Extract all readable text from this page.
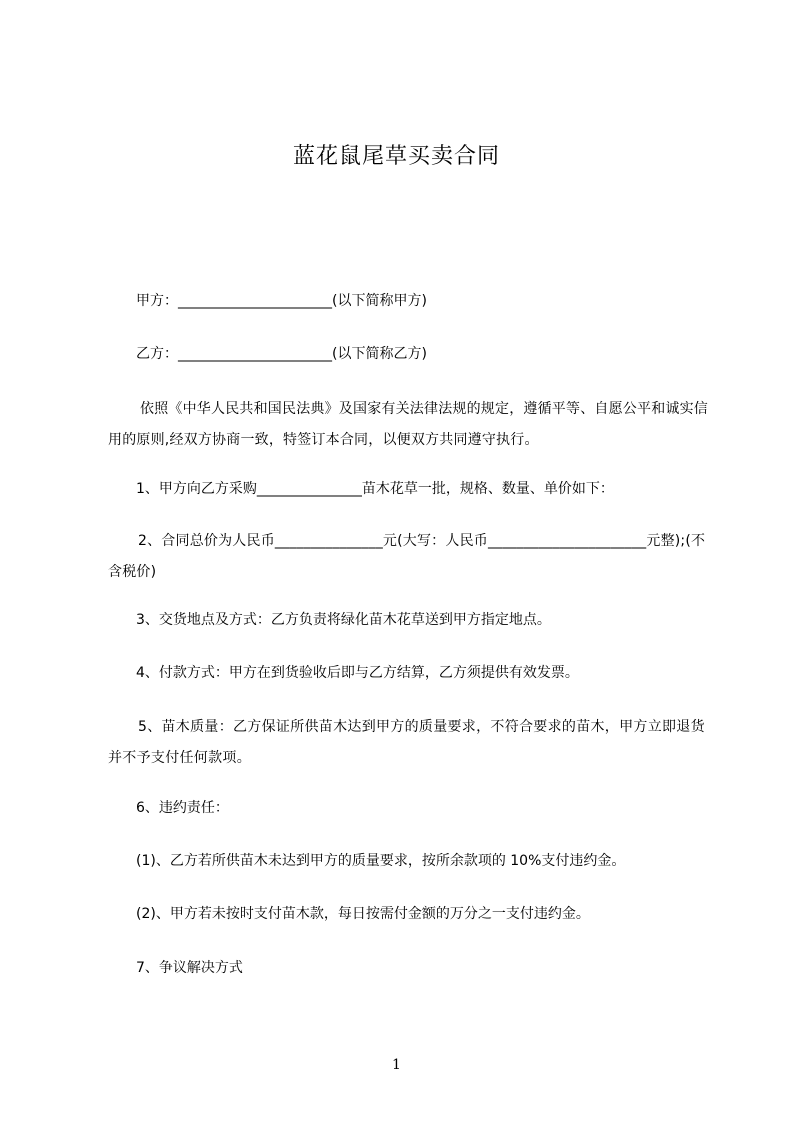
蓝花鼠尾草买卖合同
甲方：______________________(以下简称甲方)
乙方：______________________(以下简称乙方)
依照《中华人民共和国民法典》及国家有关法律法规的规定，遵循平等、自愿公平和诚实信用的原则,经双方协商一致，特签订本合同，以便双方共同遵守执行。
1、甲方向乙方采购_______________苗木花草一批，规格、数量、单价如下：
2、合同总价为人民币_______________元(大写：人民币______________________元整);(不含税价)
3、交货地点及方式：乙方负责将绿化苗木花草送到甲方指定地点。
4、付款方式：甲方在到货验收后即与乙方结算，乙方须提供有效发票。
5、苗木质量：乙方保证所供苗木达到甲方的质量要求，不符合要求的苗木，甲方立即退货并不予支付任何款项。
6、违约责任：
(1)、乙方若所供苗木未达到甲方的质量要求，按所余款项的 10%支付违约金。
(2)、甲方若未按时支付苗木款，每日按需付金额的万分之一支付违约金。
7、争议解决方式
1
